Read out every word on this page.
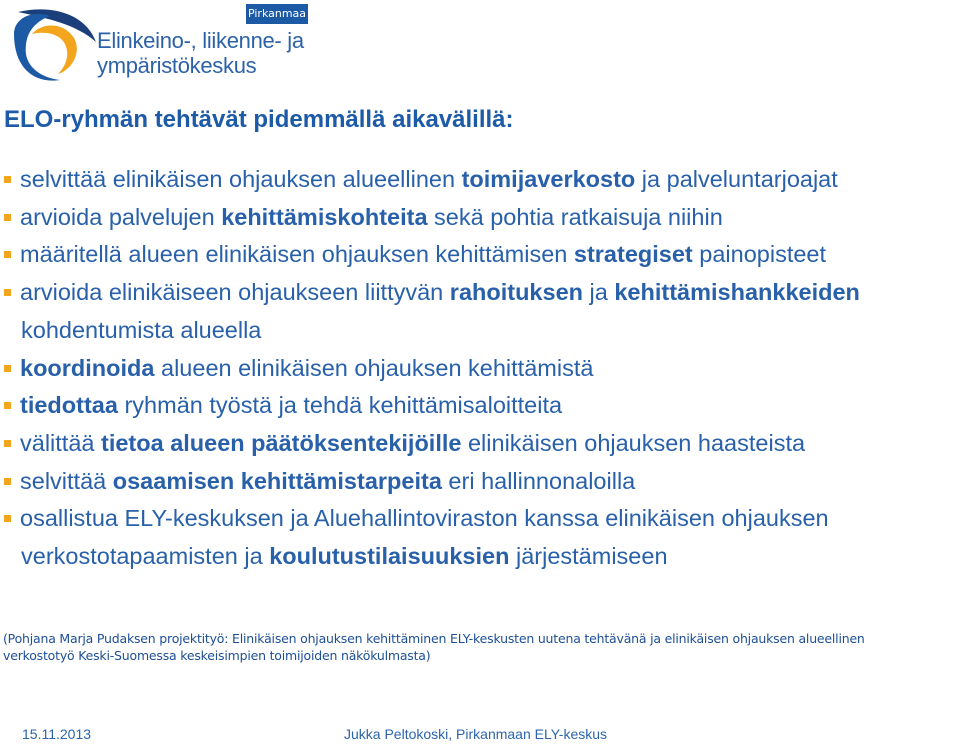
Pirkanmaa
Elinkeino-, liikenne- ja
ympäristökeskus
ELO-ryhmän tehtävät pidemmällä aikavälillä:
selvittää elinikäisen ohjauksen alueellinen toimijaverkosto ja palveluntarjoajat
arvioida palvelujen kehittämiskohteita sekä pohtia ratkaisuja niihin
määritellä alueen elinikäisen ohjauksen kehittämisen strategiset painopisteet
arvioida elinikäiseen ohjaukseen liittyvän rahoituksen ja kehittämishankkeiden
kohdentumista alueella
koordinoida alueen elinikäisen ohjauksen kehittämistä
tiedottaa ryhmän työstä ja tehdä kehittämisaloitteita
välittää tietoa alueen päätöksentekijöille elinikäisen ohjauksen haasteista
selvittää osaamisen kehittämistarpeita eri hallinnonaloilla
osallistua ELY-keskuksen ja Aluehallintoviraston kanssa elinikäisen ohjauksen
verkostotapaamisten ja koulutustilaisuuksien järjestämiseen
(Pohjana Marja Pudaksen projektityö: Elinikäisen ohjauksen kehittäminen ELY-keskusten uutena tehtävänä ja elinikäisen ohjauksen alueellinen
verkostotyö Keski-Suomessa keskeisimpien toimijoiden näkökulmasta)
15.11.2013	Jukka Peltokoski, Pirkanmaan ELY-keskus
